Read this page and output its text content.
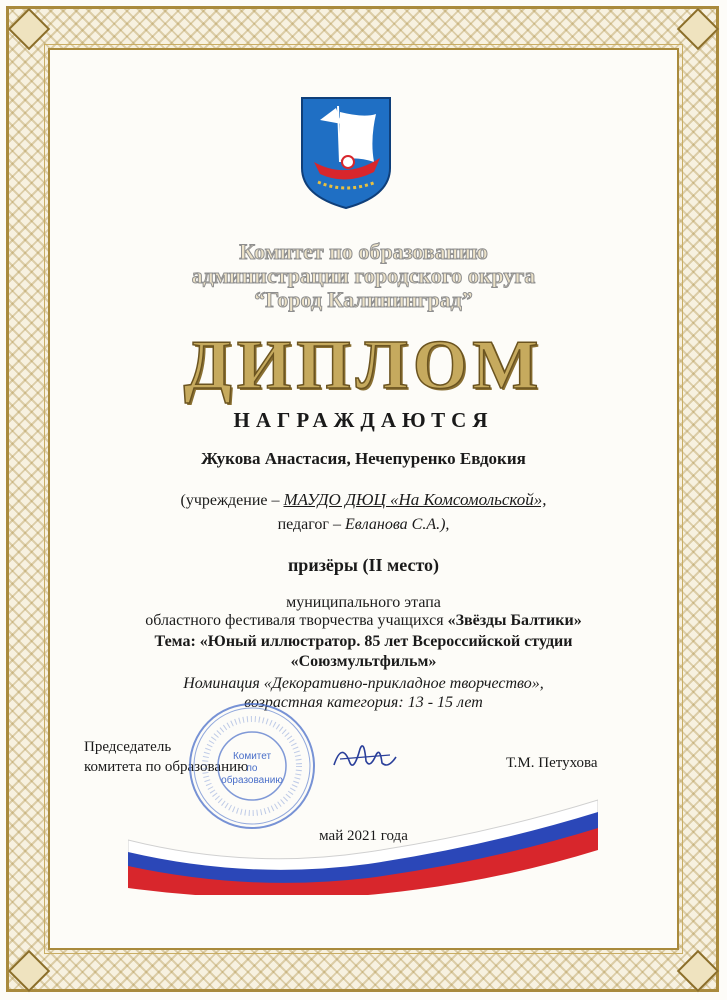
Комитет по образованию
администрации городского округа
“Город Калининград”
ДИПЛОМ
НАГРАЖДАЮТСЯ
Жукова Анастасия, Нечепуренко Евдокия
(учреждение – МАУДО ДЮЦ «На Комсомольской»,
педагог – Евланова С.А.),
призёры (II место)
муниципального этапа
областного фестиваля творчества учащихся «Звёзды Балтики»
Тема: «Юный иллюстратор. 85 лет Всероссийской студии
«Союзмультфильм»
Номинация «Декоративно-прикладное творчество»,
возрастная категория: 13 - 15 лет
Председатель
комитета по образованию
Комитет
по
образованию
Т.М. Петухова
май 2021 года
